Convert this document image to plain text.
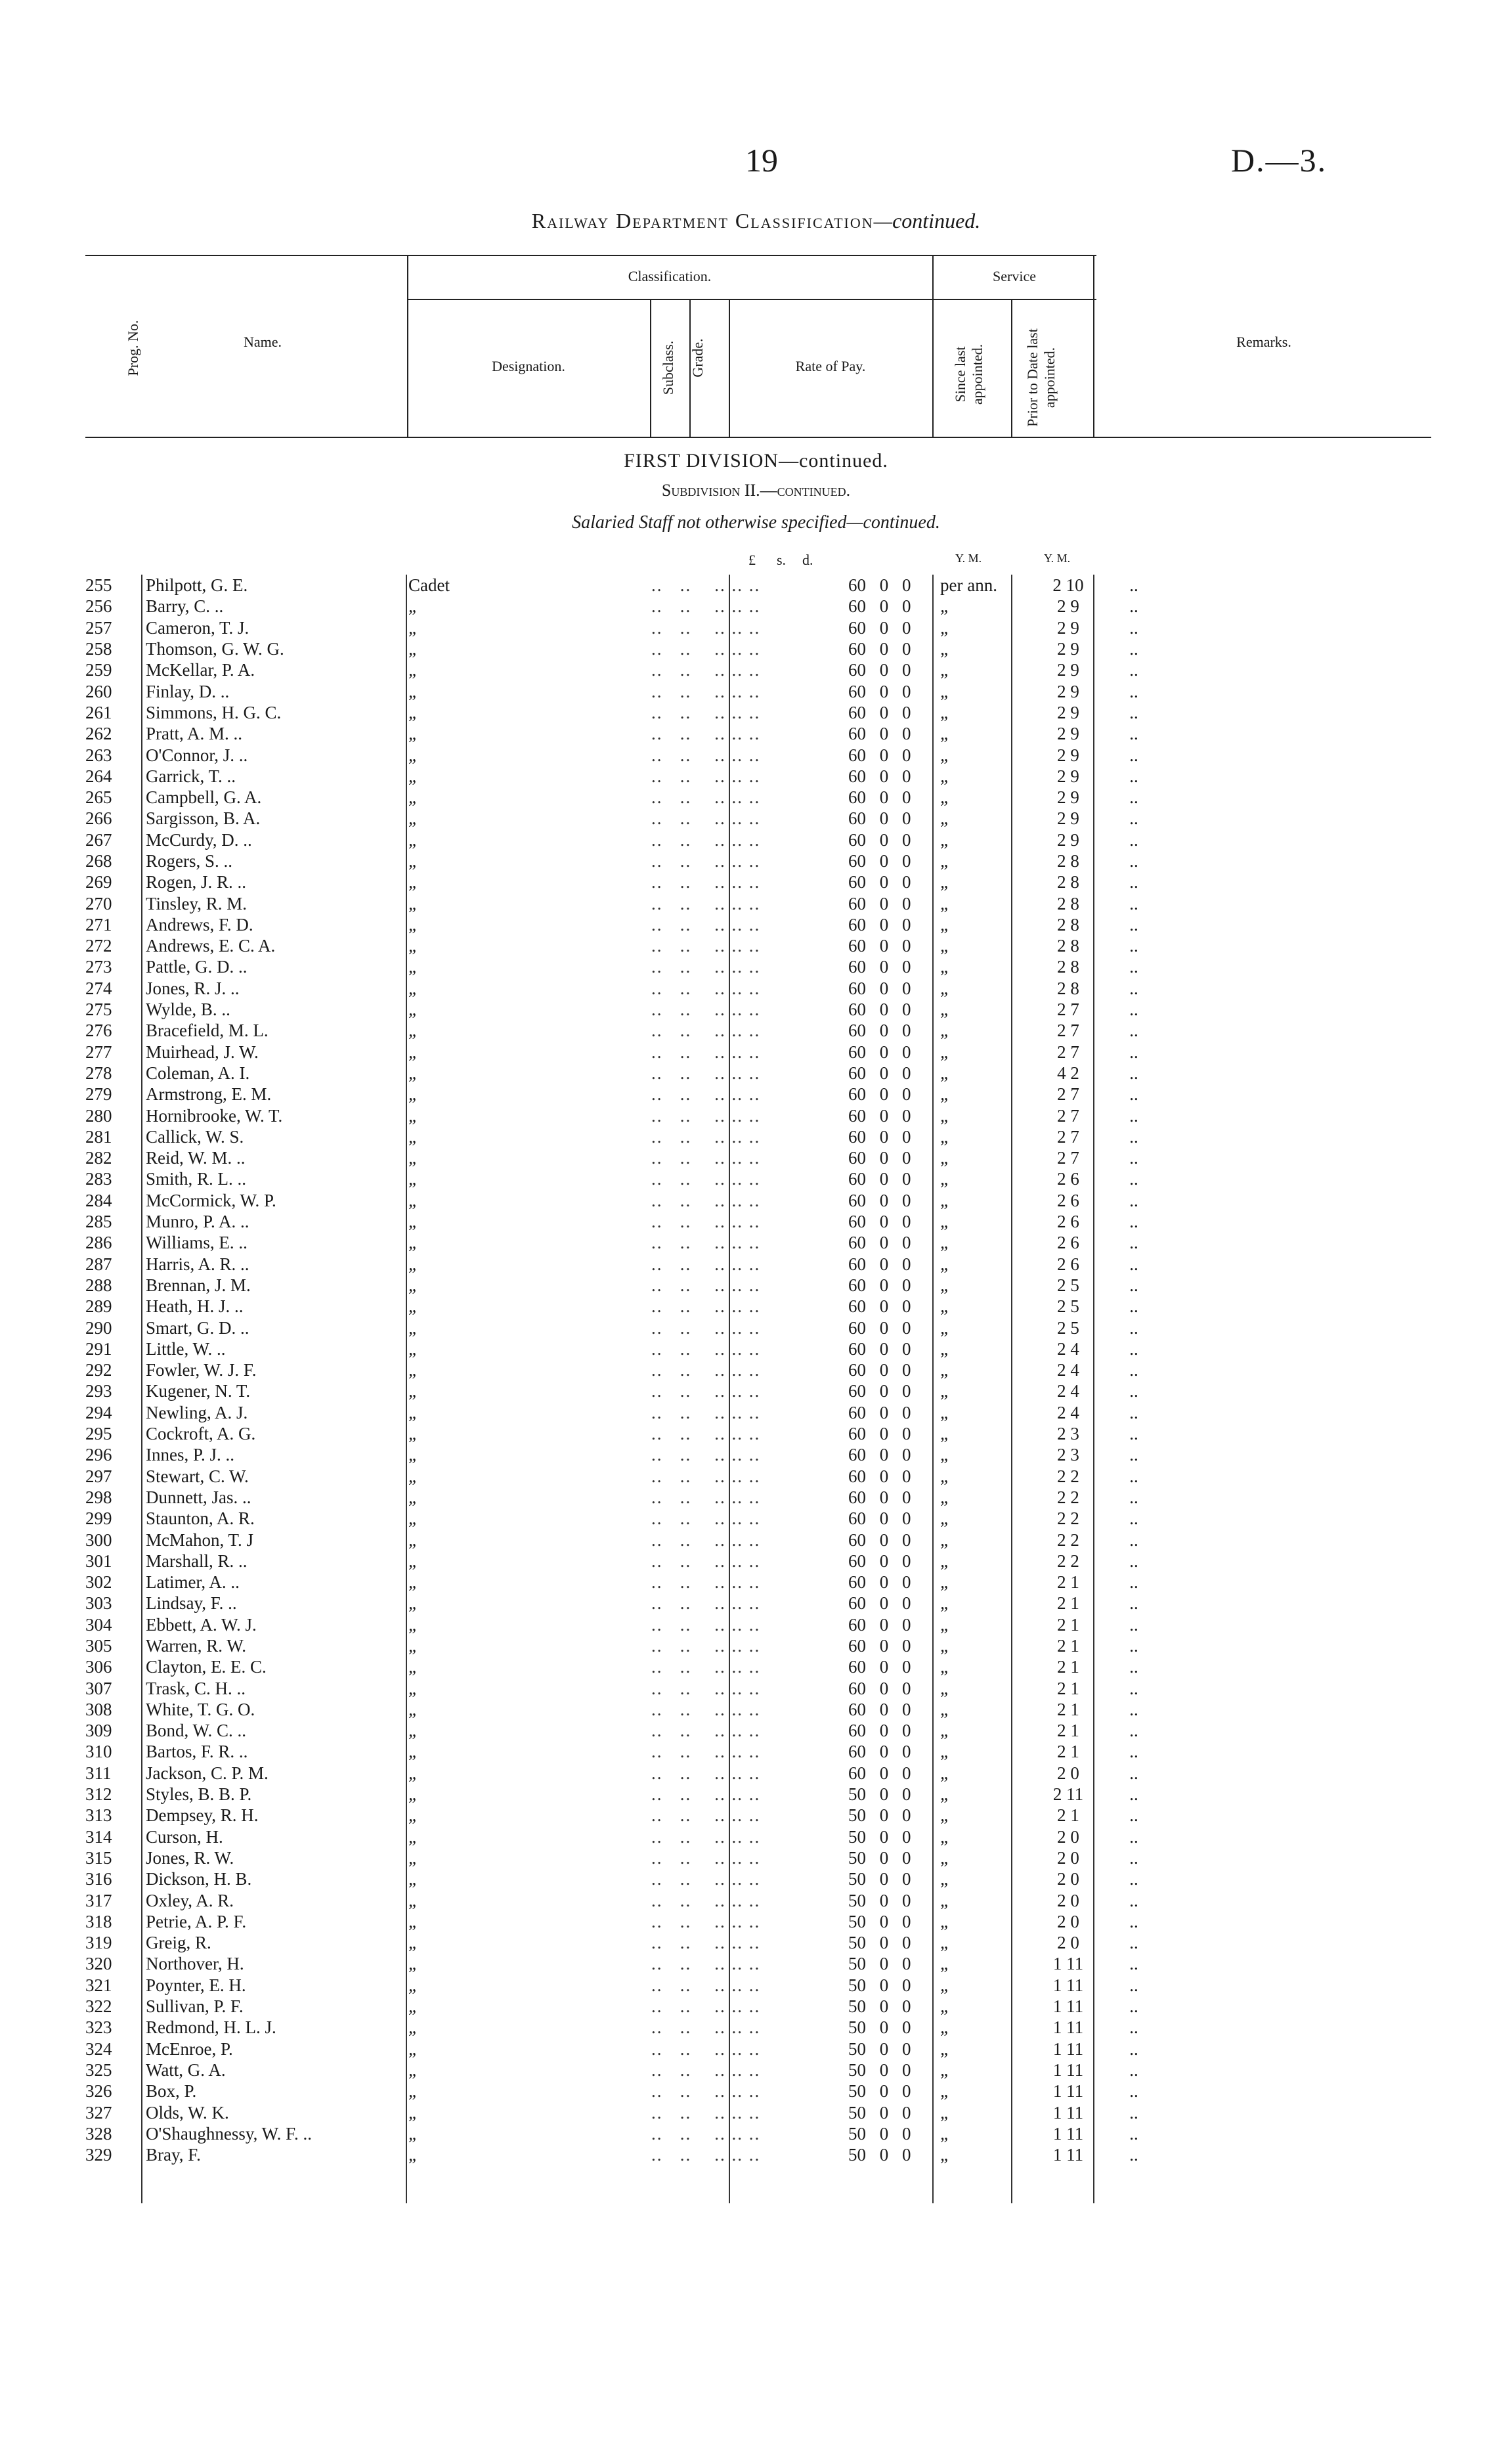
19	D.—3.
Railway Department Classification—continued.
Prog. No.	Name.
Classification.
Designation.	Subclass. Grade.	Rate of Pay.
Service
Since last appointed.	Prior to Date last appointed.
Remarks.
FIRST DIVISION—continued.
Subdivision II.—continued.
Salaried Staff not otherwise specified—continued.
£ s. d.	Y. M.	Y. M.
255	Philpott, G. E.	Cadet	..   ..    .. .. ..	60 0 0 per ann.	2 10	..
256	Barry, C. ..	„	..   ..    .. .. ..	60 0 0 „	2 9	..
257	Cameron, T. J.	„	..   ..    .. .. ..	60 0 0 „	2 9	..
258	Thomson, G. W. G.	„	..   ..    .. .. ..	60 0 0 „	2 9	..
259	McKellar, P. A.	„	..   ..    .. .. ..	60 0 0 „	2 9	..
260	Finlay, D. ..	„	..   ..    .. .. ..	60 0 0 „	2 9	..
261	Simmons, H. G. C.	„	..   ..    .. .. ..	60 0 0 „	2 9	..
262	Pratt, A. M. ..	„	..   ..    .. .. ..	60 0 0 „	2 9	..
263	O'Connor, J. ..	„	..   ..    .. .. ..	60 0 0 „	2 9	..
264	Garrick, T. ..	„	..   ..    .. .. ..	60 0 0 „	2 9	..
265	Campbell, G. A.	„	..   ..    .. .. ..	60 0 0 „	2 9	..
266	Sargisson, B. A.	„	..   ..    .. .. ..	60 0 0 „	2 9	..
267	McCurdy, D. ..	„	..   ..    .. .. ..	60 0 0 „	2 9	..
268	Rogers, S. ..	„	..   ..    .. .. ..	60 0 0 „	2 8	..
269	Rogen, J. R. ..	„	..   ..    .. .. ..	60 0 0 „	2 8	..
270	Tinsley, R. M.	„	..   ..    .. .. ..	60 0 0 „	2 8	..
271	Andrews, F. D.	„	..   ..    .. .. ..	60 0 0 „	2 8	..
272	Andrews, E. C. A.	„	..   ..    .. .. ..	60 0 0 „	2 8	..
273	Pattle, G. D. ..	„	..   ..    .. .. ..	60 0 0 „	2 8	..
274	Jones, R. J. ..	„	..   ..    .. .. ..	60 0 0 „	2 8	..
275	Wylde, B. ..	„	..   ..    .. .. ..	60 0 0 „	2 7	..
276	Bracefield, M. L.	„	..   ..    .. .. ..	60 0 0 „	2 7	..
277	Muirhead, J. W.	„	..   ..    .. .. ..	60 0 0 „	2 7	..
278	Coleman, A. I.	„	..   ..    .. .. ..	60 0 0 „	4 2	..
279	Armstrong, E. M.	„	..   ..    .. .. ..	60 0 0 „	2 7	..
280	Hornibrooke, W. T.	„	..   ..    .. .. ..	60 0 0 „	2 7	..
281	Callick, W. S.	„	..   ..    .. .. ..	60 0 0 „	2 7	..
282	Reid, W. M. ..	„	..   ..    .. .. ..	60 0 0 „	2 7	..
283	Smith, R. L. ..	„	..   ..    .. .. ..	60 0 0 „	2 6	..
284	McCormick, W. P.	„	..   ..    .. .. ..	60 0 0 „	2 6	..
285	Munro, P. A. ..	„	..   ..    .. .. ..	60 0 0 „	2 6	..
286	Williams, E. ..	„	..   ..    .. .. ..	60 0 0 „	2 6	..
287	Harris, A. R. ..	„	..   ..    .. .. ..	60 0 0 „	2 6	..
288	Brennan, J. M.	„	..   ..    .. .. ..	60 0 0 „	2 5	..
289	Heath, H. J. ..	„	..   ..    .. .. ..	60 0 0 „	2 5	..
290	Smart, G. D. ..	„	..   ..    .. .. ..	60 0 0 „	2 5	..
291	Little, W. ..	„	..   ..    .. .. ..	60 0 0 „	2 4	..
292	Fowler, W. J. F.	„	..   ..    .. .. ..	60 0 0 „	2 4	..
293	Kugener, N. T.	„	..   ..    .. .. ..	60 0 0 „	2 4	..
294	Newling, A. J.	„	..   ..    .. .. ..	60 0 0 „	2 4	..
295	Cockroft, A. G.	„	..   ..    .. .. ..	60 0 0 „	2 3	..
296	Innes, P. J. ..	„	..   ..    .. .. ..	60 0 0 „	2 3	..
297	Stewart, C. W.	„	..   ..    .. .. ..	60 0 0 „	2 2	..
298	Dunnett, Jas. ..	„	..   ..    .. .. ..	60 0 0 „	2 2	..
299	Staunton, A. R.	„	..   ..    .. .. ..	60 0 0 „	2 2	..
300	McMahon, T. J	„	..   ..    .. .. ..	60 0 0 „	2 2	..
301	Marshall, R. ..	„	..   ..    .. .. ..	60 0 0 „	2 2	..
302	Latimer, A. ..	„	..   ..    .. .. ..	60 0 0 „	2 1	..
303	Lindsay, F. ..	„	..   ..    .. .. ..	60 0 0 „	2 1	..
304	Ebbett, A. W. J.	„	..   ..    .. .. ..	60 0 0 „	2 1	..
305	Warren, R. W.	„	..   ..    .. .. ..	60 0 0 „	2 1	..
306	Clayton, E. E. C.	„	..   ..    .. .. ..	60 0 0 „	2 1	..
307	Trask, C. H. ..	„	..   ..    .. .. ..	60 0 0 „	2 1	..
308	White, T. G. O.	„	..   ..    .. .. ..	60 0 0 „	2 1	..
309	Bond, W. C. ..	„	..   ..    .. .. ..	60 0 0 „	2 1	..
310	Bartos, F. R. ..	„	..   ..    .. .. ..	60 0 0 „	2 1	..
311	Jackson, C. P. M.	„	..   ..    .. .. ..	60 0 0 „	2 0	..
312	Styles, B. B. P.	„	..   ..    .. .. ..	50 0 0 „	2 11	..
313	Dempsey, R. H.	„	..   ..    .. .. ..	50 0 0 „	2 1	..
314	Curson, H.	„	..   ..    .. .. ..	50 0 0 „	2 0	..
315	Jones, R. W.	„	..   ..    .. .. ..	50 0 0 „	2 0	..
316	Dickson, H. B.	„	..   ..    .. .. ..	50 0 0 „	2 0	..
317	Oxley, A. R.	„	..   ..    .. .. ..	50 0 0 „	2 0	..
318	Petrie, A. P. F.	„	..   ..    .. .. ..	50 0 0 „	2 0	..
319	Greig, R.	„	..   ..    .. .. ..	50 0 0 „	2 0	..
320	Northover, H.	„	..   ..    .. .. ..	50 0 0 „	1 11	..
321	Poynter, E. H.	„	..   ..    .. .. ..	50 0 0 „	1 11	..
322	Sullivan, P. F.	„	..   ..    .. .. ..	50 0 0 „	1 11	..
323	Redmond, H. L. J.	„	..   ..    .. .. ..	50 0 0 „	1 11	..
324	McEnroe, P.	„	..   ..    .. .. ..	50 0 0 „	1 11	..
325	Watt, G. A.	„	..   ..    .. .. ..	50 0 0 „	1 11	..
326	Box, P.	„	..   ..    .. .. ..	50 0 0 „	1 11	..
327	Olds, W. K.	„	..   ..    .. .. ..	50 0 0 „	1 11	..
328	O'Shaughnessy, W. F. ..	„	..   ..    .. .. ..	50 0 0 „	1 11	..
329	Bray, F.	„	..   ..    .. .. ..	50 0 0 „	1 11	..
